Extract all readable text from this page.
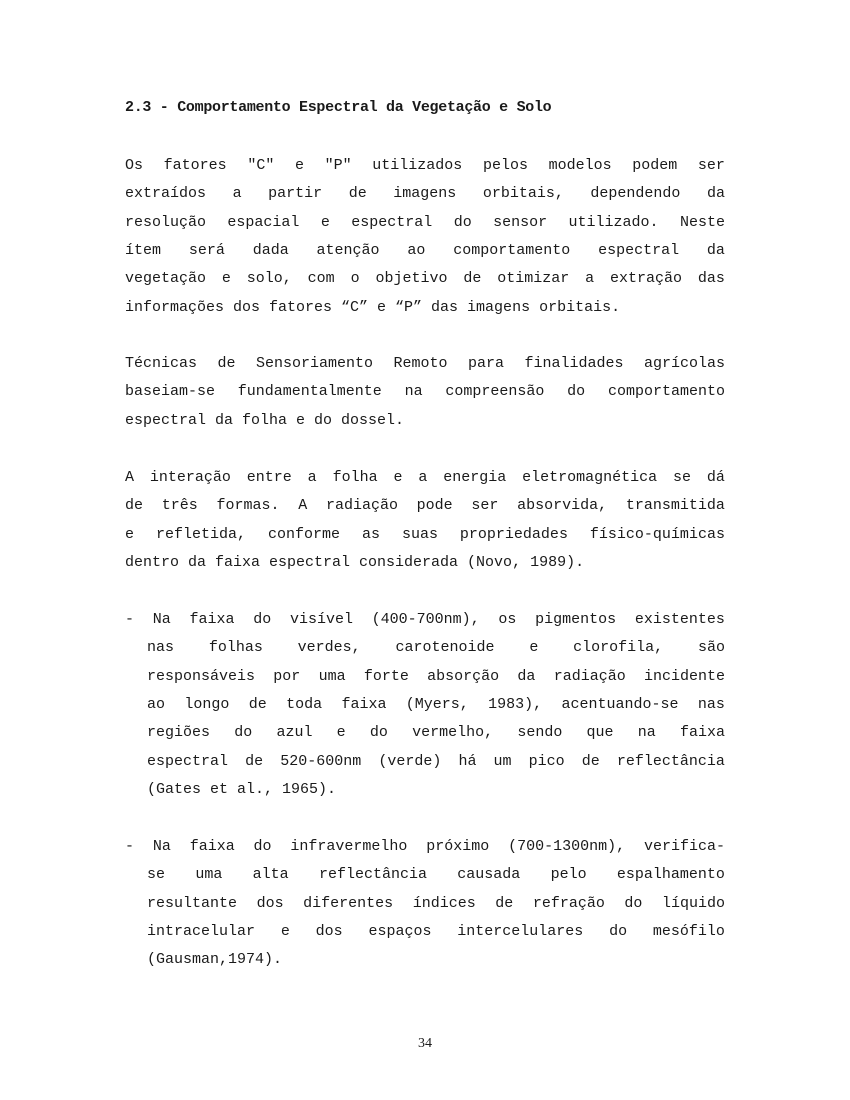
2.3 - Comportamento Espectral da Vegetação e Solo
Os fatores "C" e "P" utilizados pelos modelos podem ser
extraídos a partir de imagens orbitais, dependendo da
resolução espacial e espectral do sensor utilizado. Neste
ítem será dada atenção ao comportamento espectral da
vegetação e solo, com o objetivo de otimizar a extração das
informações dos fatores “C” e “P” das imagens orbitais.
Técnicas de Sensoriamento Remoto para finalidades agrícolas
baseiam-se fundamentalmente na compreensão do comportamento
espectral da folha e do dossel.
A interação entre a folha e a energia eletromagnética se dá
de três formas. A radiação pode ser absorvida, transmitida
e refletida, conforme as suas propriedades físico-químicas
dentro da faixa espectral considerada (Novo, 1989).
- Na faixa do visível (400-700nm), os pigmentos existentes
nas folhas verdes, carotenoide e clorofila, são
responsáveis por uma forte absorção da radiação incidente
ao longo de toda faixa (Myers, 1983), acentuando-se nas
regiões do azul e do vermelho, sendo que na faixa
espectral de 520-600nm (verde) há um pico de reflectância
(Gates et al., 1965).
- Na faixa do infravermelho próximo (700-1300nm), verifica-
se uma alta reflectância causada pelo espalhamento
resultante dos diferentes índices de refração do líquido
intracelular e dos espaços intercelulares do mesófilo
(Gausman,1974).
34
